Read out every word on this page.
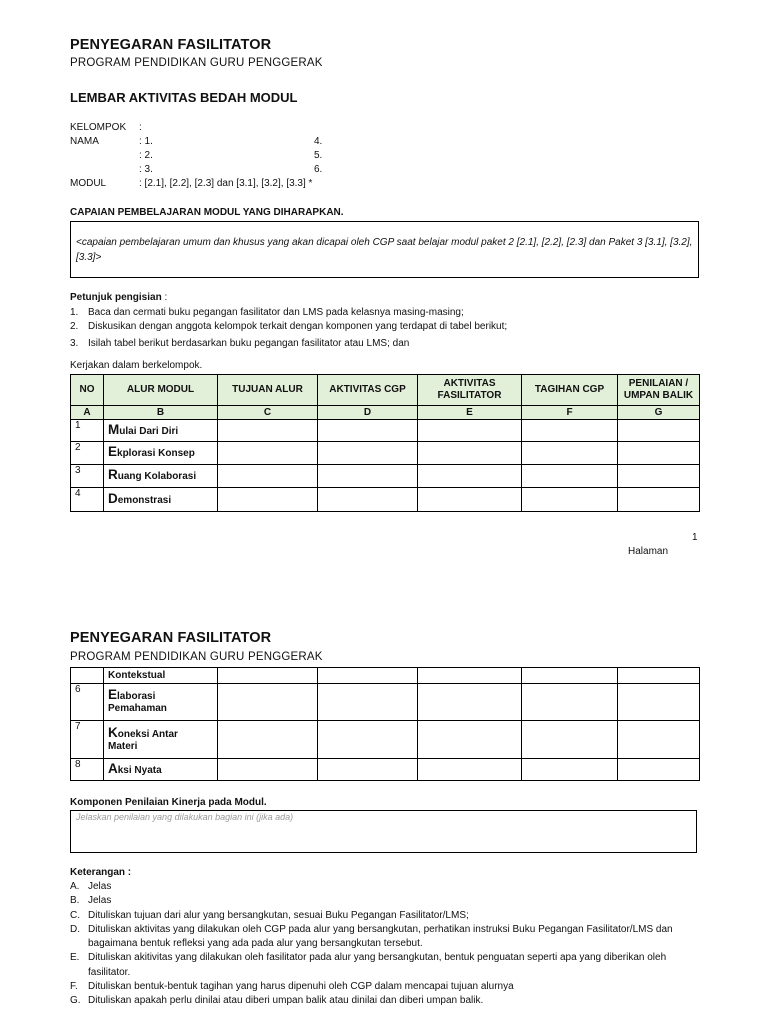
PENYEGARAN FASILITATOR
PROGRAM PENDIDIKAN GURU PENGGERAK
LEMBAR AKTIVITAS BEDAH MODUL
KELOMPOK :
NAMA	: 1.
: 2.
: 3.
4.
5.
6.
MODUL	: [2.1], [2.2], [2.3] dan [3.1], [3.2], [3.3] *
CAPAIAN PEMBELAJARAN MODUL YANG DIHARAPKAN.
<capaian pembelajaran umum dan khusus yang akan dicapai oleh CGP saat belajar modul paket 2 [2.1], [2.2], [2.3] dan Paket 3 [3.1], [3.2], [3.3]>
Petunjuk pengisian :
1. Baca dan cermati buku pegangan fasilitator dan LMS pada kelasnya masing-masing;
2. Diskusikan dengan anggota kelompok terkait dengan komponen yang terdapat di tabel berikut;
3. Isilah tabel berikut berdasarkan buku pegangan fasilitator atau LMS; dan
Kerjakan dalam berkelompok.
NO	ALUR MODUL	TUJUAN ALUR	AKTIVITAS CGP	AKTIVITAS FASILITATOR	TAGIHAN CGP	PENILAIAN / UMPAN BALIK
A	B	C	D	E	F	G
1	Mulai Dari Diri					
2	Ekplorasi Konsep					
3	Ruang Kolaborasi					
4	Demonstrasi					
1
Halaman
PENYEGARAN FASILITATOR
PROGRAM PENDIDIKAN GURU PENGGERAK
	Kontekstual					
6	Elaborasi
Pemahaman					

7	Koneksi Antar
Materi					

8	Aksi Nyata					
Komponen Penilaian Kinerja pada Modul.
Jelaskan penilaian yang dilakukan bagian ini (jika ada)
Keterangan :
A. Jelas
B. Jelas
C. Dituliskan tujuan dari alur yang bersangkutan, sesuai Buku Pegangan Fasilitator/LMS;
D. Dituliskan aktivitas yang dilakukan oleh CGP pada alur yang bersangkutan, perhatikan instruksi Buku Pegangan Fasilitator/LMS dan bagaimana bentuk refleksi yang ada pada alur yang bersangkutan tersebut.
E. Dituliskan akitivitas yang dilakukan oleh fasilitator pada alur yang bersangkutan, bentuk penguatan seperti apa yang diberikan oleh fasilitator.
F.	Dituliskan bentuk-bentuk tagihan yang harus dipenuhi oleh CGP dalam mencapai tujuan alurnya
G. Dituliskan apakah perlu dinilai atau diberi umpan balik atau dinilai dan diberi umpan balik.
